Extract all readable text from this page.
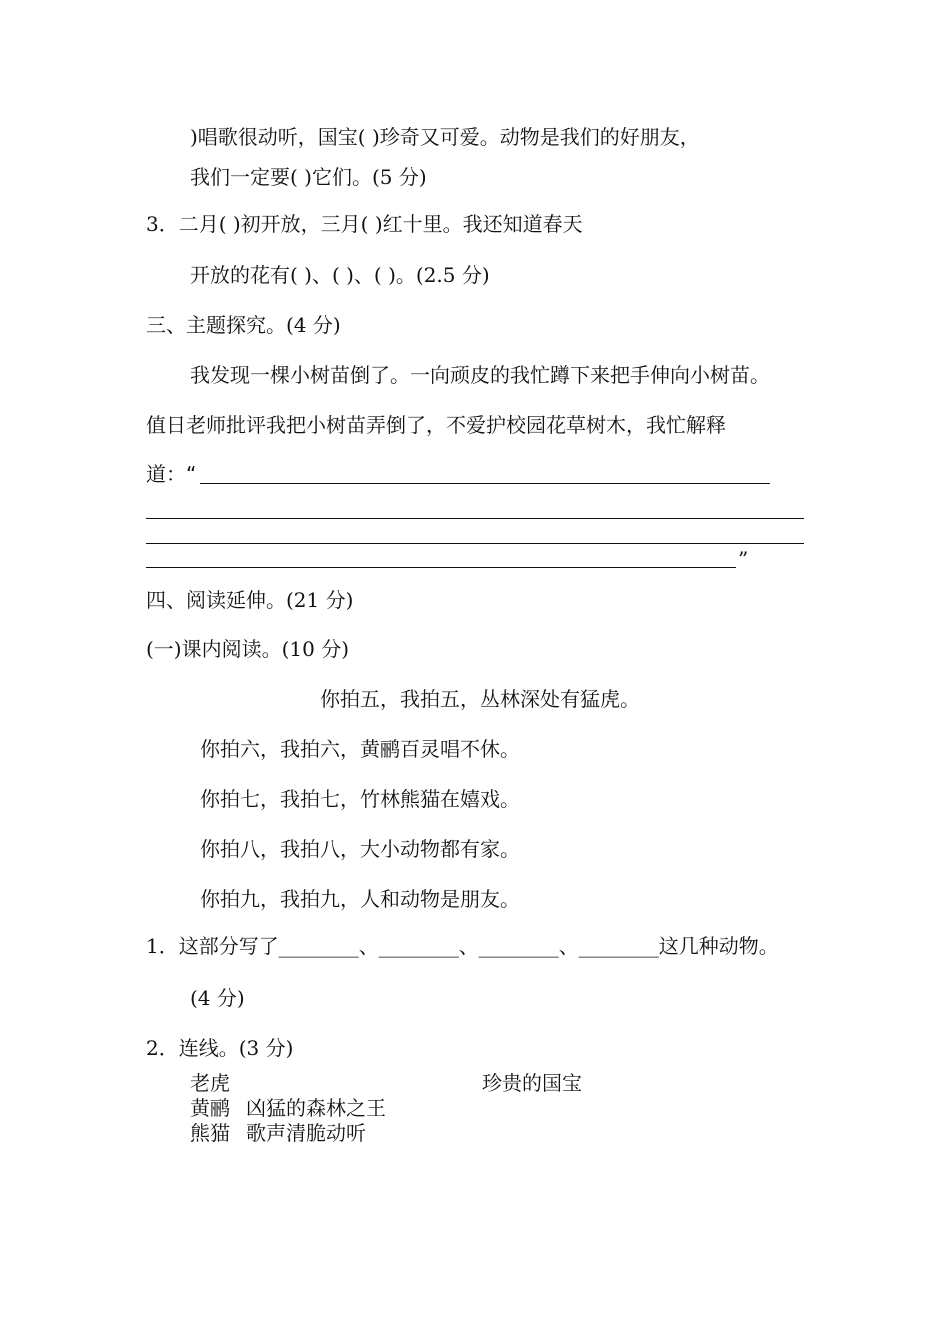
)唱歌很动听，国宝( )珍奇又可爱。动物是我们的好朋友，
我们一定要( )它们。(5 分)
3．二月( )初开放，三月( )红十里。我还知道春天
开放的花有( )、( )、( )。(2.5 分)
三、主题探究。(4 分)
我发现一棵小树苗倒了。一向顽皮的我忙蹲下来把手伸向小树苗。
值日老师批评我把小树苗弄倒了，不爱护校园花草树木，我忙解释
道：“
”
四、阅读延伸。(21 分)
(一)课内阅读。(10 分)
你拍五，我拍五，丛林深处有猛虎。
你拍六，我拍六，黄鹂百灵唱不休。
你拍七，我拍七，竹林熊猫在嬉戏。
你拍八，我拍八，大小动物都有家。
你拍九，我拍九，人和动物是朋友。
1．这部分写了________、________、________、________这几种动物。
(4 分)
2．连线。(3 分)
老虎
黄鹂
熊猫
珍贵的国宝
凶猛的森林之王
歌声清脆动听
